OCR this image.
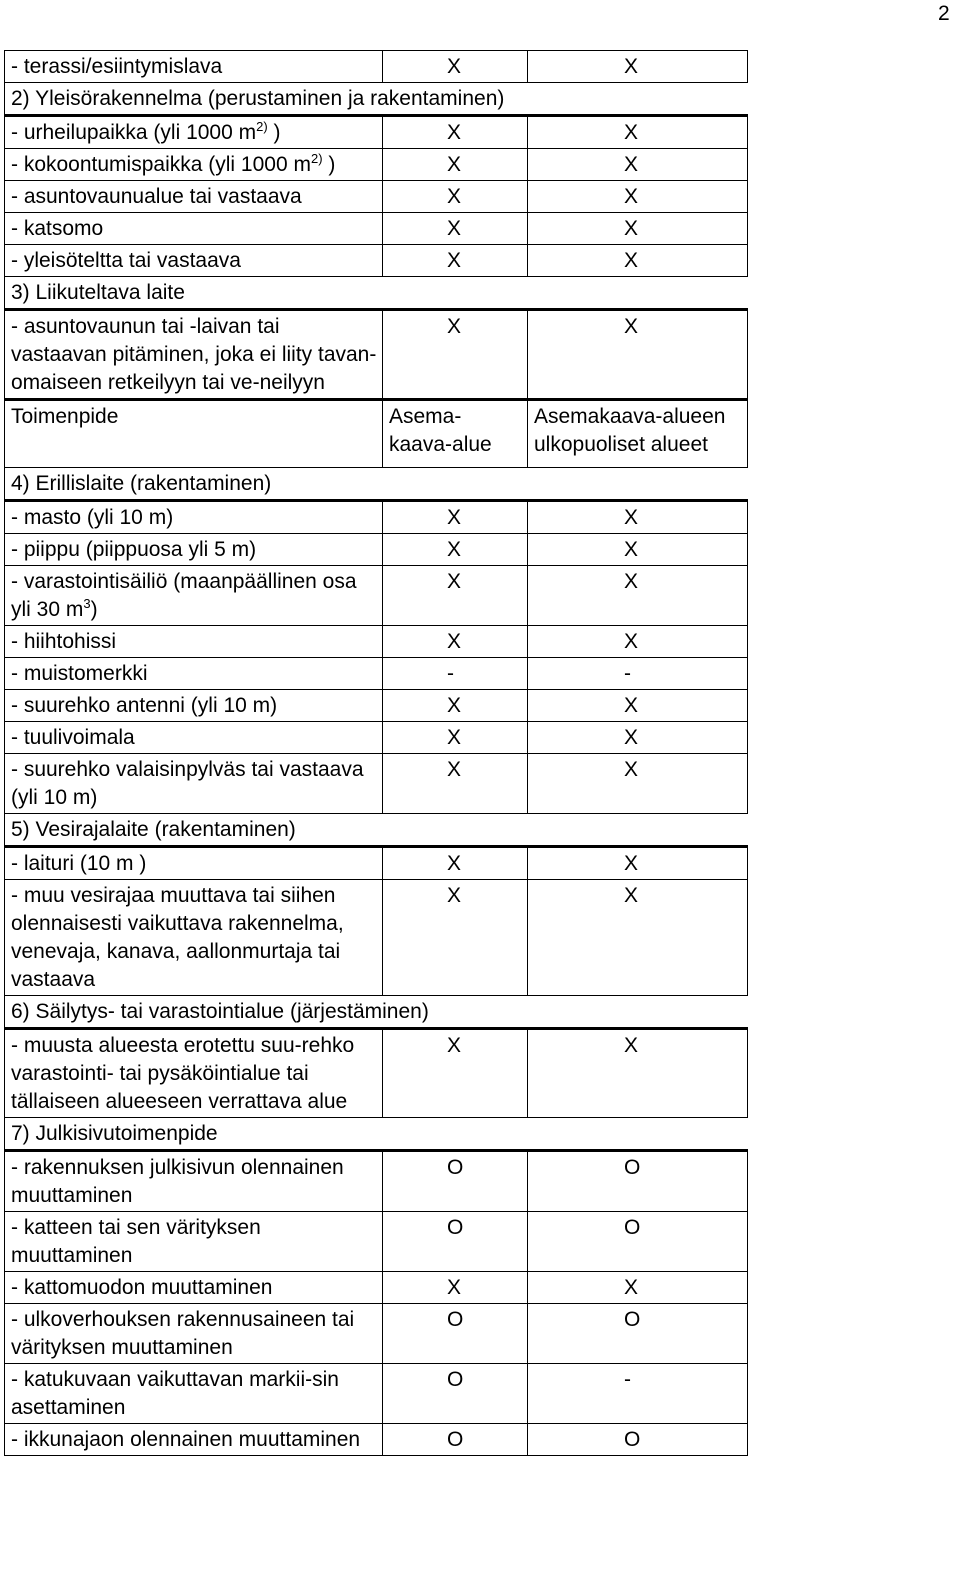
2
- terassi/esiintymislava	X	X
2) Yleisörakennelma (perustaminen ja rakentaminen)		
- urheilupaikka (yli 1000 $m^{2)}$ )	X	X
- kokoontumispaikka (yli 1000 $m^{2)}$ )	X	X
- asuntovaunualue tai vastaava	X	X
- katsomo	X	X
- yleisöteltta tai vastaava	X	X
3) Liikuteltava laite		
- asuntovaunun tai -laivan tai vastaavan pitäminen, joka ei liity tavan-omaiseen retkeilyyn tai ve-neilyyn	X	X
Toimenpide	Asema-kaava-alue	Asemakaava-alueen ulkopuoliset alueet
4) Erillislaite (rakentaminen)		
- masto (yli 10 m)	X	X
- piippu (piippuosa yli 5 m)	X	X
- varastointisäiliö (maanpäällinen osa yli 30 $m^3$)	X	X
- hiihtohissi	X	X
- muistomerkki	-	-
- suurehko antenni (yli 10 m)	X	X
- tuulivoimala	X	X
- suurehko valaisinpylväs tai vastaava (yli 10 m)	X	X
5) Vesirajalaite (rakentaminen)		
- laituri (10 m )	X	X
- muu vesirajaa muuttava tai siihen olennaisesti vaikuttava rakennelma, venevaja, kanava, aallonmurtaja tai vastaava	X	X
6) Säilytys- tai varastointialue (järjestäminen)		
- muusta alueesta erotettu suu-rehko varastointi- tai pysäköintialue tai tällaiseen alueeseen verrattava alue	X	X
7) Julkisivutoimenpide		
- rakennuksen julkisivun olennainen muuttaminen	O	O
- katteen tai sen värityksen muuttaminen	O	O
- kattomuodon muuttaminen	X	X
- ulkoverhouksen rakennusaineen tai värityksen muuttaminen	O	O
- katukuvaan vaikuttavan markii-sin asettaminen	O	-
- ikkunajaon olennainen muuttaminen	O	O
